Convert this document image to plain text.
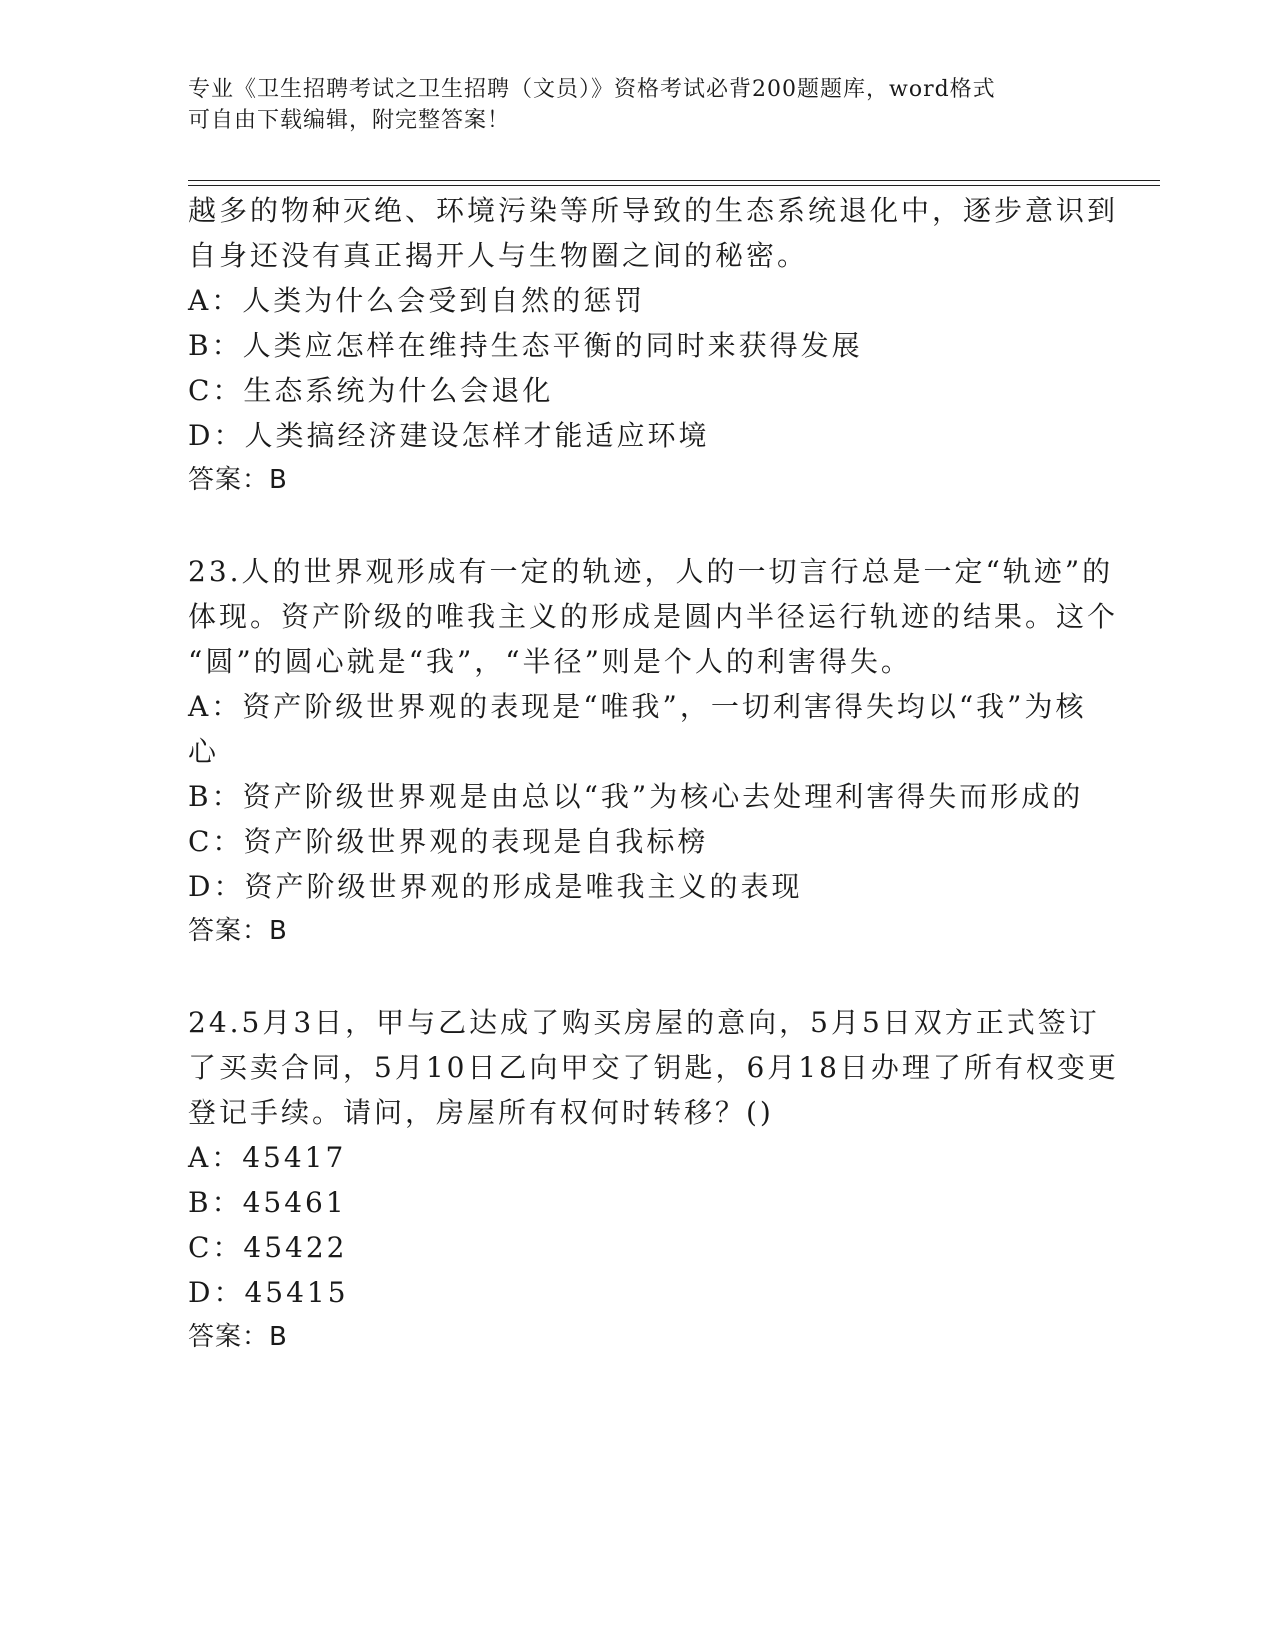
专业《卫生招聘考试之卫生招聘（文员）》资格考试必背200题题库，word格式
可自由下载编辑，附完整答案！
越多的物种灭绝、环境污染等所导致的生态系统退化中，逐步意识到
自身还没有真正揭开人与生物圈之间的秘密。
A：人类为什么会受到自然的惩罚
B：人类应怎样在维持生态平衡的同时来获得发展
C：生态系统为什么会退化
D：人类搞经济建设怎样才能适应环境
答案：B
23.人的世界观形成有一定的轨迹，人的一切言行总是一定“轨迹”的
体现。资产阶级的唯我主义的形成是圆内半径运行轨迹的结果。这个
“圆”的圆心就是“我”，“半径”则是个人的利害得失。
A：资产阶级世界观的表现是“唯我”，一切利害得失均以“我”为核
心
B：资产阶级世界观是由总以“我”为核心去处理利害得失而形成的
C：资产阶级世界观的表现是自我标榜
D：资产阶级世界观的形成是唯我主义的表现
答案：B
24.5月3日，甲与乙达成了购买房屋的意向，5月5日双方正式签订
了买卖合同，5月10日乙向甲交了钥匙，6月18日办理了所有权变更
登记手续。请问，房屋所有权何时转移？()
A：45417
B：45461
C：45422
D：45415
答案：B
